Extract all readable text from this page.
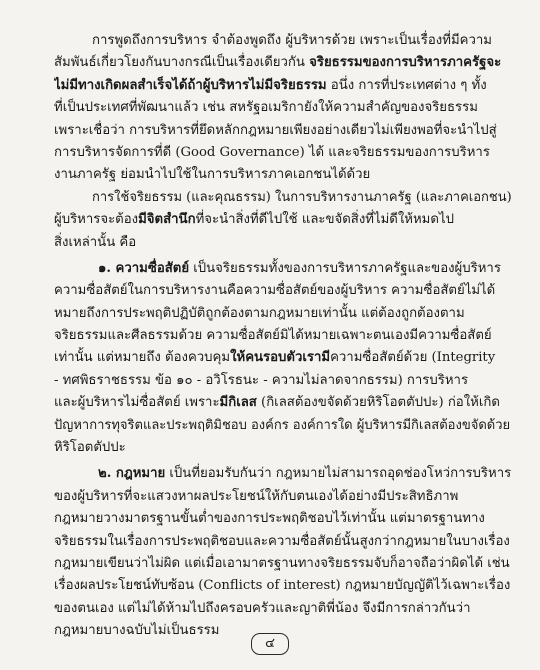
การพูดถึงการบริหาร จำต้องพูดถึง ผู้บริหารด้วย เพราะเป็นเรื่องที่มีความ
สัมพันธ์เกี่ยวโยงกันบางกรณีเป็นเรื่องเดียวกัน จริยธรรมของการบริหารภาครัฐจะ
ไม่มีทางเกิดผลสำเร็จได้ถ้าผู้บริหารไม่มีจริยธรรม อนึ่ง การที่ประเทศต่าง ๆ ทั้ง
ที่เป็นประเทศที่พัฒนาแล้ว เช่น สหรัฐอเมริกายังให้ความสำคัญของจริยธรรม
เพราะเชื่อว่า การบริหารที่ยึดหลักกฎหมายเพียงอย่างเดียวไม่เพียงพอที่จะนำไปสู่
การบริหารจัดการที่ดี (Good Governance) ได้ และจริยธรรมของการบริหาร
งานภาครัฐ ย่อมนำไปใช้ในการบริหารภาคเอกชนได้ด้วย
การใช้จริยธรรม (และคุณธรรม) ในการบริหารงานภาครัฐ (และภาคเอกชน)
ผู้บริหารจะต้องมีจิตสำนึกที่จะนำสิ่งที่ดีไปใช้ และขจัดสิ่งที่ไม่ดีให้หมดไป
สิ่งเหล่านั้น คือ
๑. ความซื่อสัตย์ เป็นจริยธรรมทั้งของการบริหารภาครัฐและของผู้บริหาร
ความซื่อสัตย์ในการบริหารงานคือความซื่อสัตย์ของผู้บริหาร ความซื่อสัตย์ไม่ได้
หมายถึงการประพฤติปฏิบัติถูกต้องตามกฎหมายเท่านั้น แต่ต้องถูกต้องตาม
จริยธรรมและศีลธรรมด้วย ความซื่อสัตย์มิได้หมายเฉพาะตนเองมีความซื่อสัตย์
เท่านั้น แต่หมายถึง ต้องควบคุมให้คนรอบตัวเรามีความซื่อสัตย์ด้วย (Integrity
- ทศพิธราชธรรม ข้อ ๑๐ - อวิโรธนะ - ความไม่ลาดจากธรรม) การบริหาร
และผู้บริหารไม่ซื่อสัตย์ เพราะมีกิเลส (กิเลสต้องขจัดด้วยหิริโอตตัปปะ) ก่อให้เกิด
ปัญหาการทุจริตและประพฤติมิชอบ องค์กร องค์การใด ผู้บริหารมีกิเลสต้องขจัดด้วย
หิริโอตตัปปะ
๒. กฎหมาย เป็นที่ยอมรับกันว่า กฎหมายไม่สามารถอุดช่องโหว่การบริหาร
ของผู้บริหารที่จะแสวงหาผลประโยชน์ให้กับตนเองได้อย่างมีประสิทธิภาพ
กฎหมายวางมาตรฐานขั้นต่ำของการประพฤติชอบไว้เท่านั้น แต่มาตรฐานทาง
จริยธรรมในเรื่องการประพฤติชอบและความซื่อสัตย์นั้นสูงกว่ากฎหมายในบางเรื่อง
กฎหมายเขียนว่าไม่ผิด แต่เมื่อเอามาตรฐานทางจริยธรรมจับก็อาจถือว่าผิดได้ เช่น
เรื่องผลประโยชน์ทับซ้อน (Conflicts of interest) กฎหมายบัญญัติไว้เฉพาะเรื่อง
ของตนเอง แต่ไม่ได้ห้ามไปถึงครอบครัวและญาติพี่น้อง จึงมีการกล่าวกันว่า
กฎหมายบางฉบับไม่เป็นธรรม
๔
